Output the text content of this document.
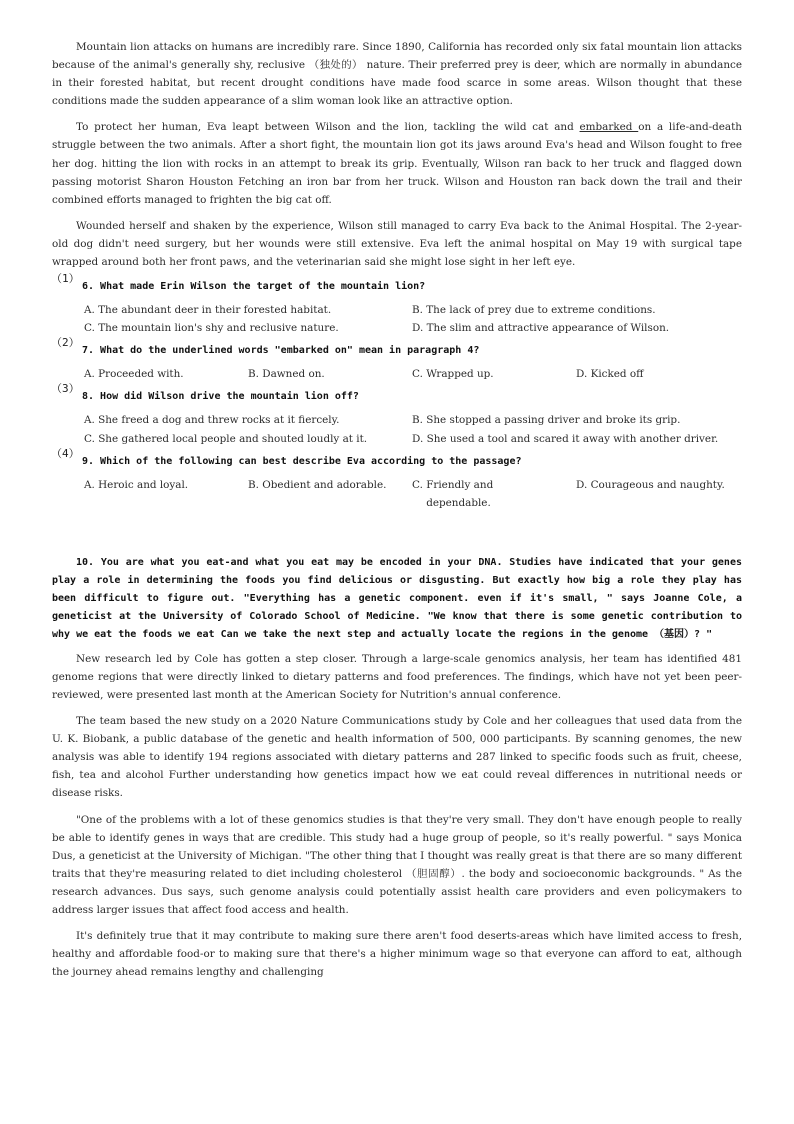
Mountain lion attacks on humans are incredibly rare. Since 1890, California has recorded only six fatal mountain lion attacks because of the animal's generally shy, reclusive （独处的） nature. Their preferred prey is deer, which are normally in abundance in their forested habitat, but recent drought conditions have made food scarce in some areas. Wilson thought that these conditions made the sudden appearance of a slim woman look like an attractive option.

To protect her human, Eva leapt between Wilson and the lion, tackling the wild cat and embarked on a life-and-death struggle between the two animals. After a short fight, the mountain lion got its jaws around Eva's head and Wilson fought to free her dog. hitting the lion with rocks in an attempt to break its grip. Eventually, Wilson ran back to her truck and flagged down passing motorist Sharon Houston Fetching an iron bar from her truck. Wilson and Houston ran back down the trail and their combined efforts managed to frighten the big cat off.

Wounded herself and shaken by the experience, Wilson still managed to carry Eva back to the Animal Hospital. The 2-year-old dog didn't need surgery, but her wounds were still extensive. Eva left the animal hospital on May 19 with surgical tape wrapped around both her front paws, and the veterinarian said she might lose sight in her left eye.

（1）
6. What made Erin Wilson the target of the mountain lion?
A. The abundant deer in their forested habitat.	B. The lack of prey due to extreme conditions.
C. The mountain lion's shy and reclusive nature.	D. The slim and attractive appearance of Wilson.
（2）
7. What do the underlined words "embarked on" mean in paragraph 4?
A. Proceeded with.	B. Dawned on.	C. Wrapped up.	D. Kicked off
（3）
8. How did Wilson drive the mountain lion off?
A. She freed a dog and threw rocks at it fiercely.	B. She stopped a passing driver and broke its grip.
C. She gathered local people and shouted loudly at it.	D. She used a tool and scared it away with another driver.
（4）
9. Which of the following can best describe Eva according to the passage?
A. Heroic and loyal.	B. Obedient and adorable.	C. Friendly and dependable.
D. Courageous and naughty.

10. You are what you eat-and what you eat may be encoded in your DNA. Studies have indicated that your genes play a role in determining the foods you find delicious or disgusting. But exactly how big a role they play has been difficult to figure out. "Everything has a genetic component. even if it's small, " says Joanne Cole, a geneticist at the University of Colorado School of Medicine. "We know that there is some genetic contribution to why we eat the foods we eat Can we take the next step and actually locate the regions in the genome （基因）? "

New research led by Cole has gotten a step closer. Through a large-scale genomics analysis, her team has identified 481 genome regions that were directly linked to dietary patterns and food preferences. The findings, which have not yet been peer-reviewed, were presented last month at the American Society for Nutrition's annual conference.

The team based the new study on a 2020 Nature Communications study by Cole and her colleagues that used data from the U. K. Biobank, a public database of the genetic and health information of 500, 000 participants. By scanning genomes, the new analysis was able to identify 194 regions associated with dietary patterns and 287 linked to specific foods such as fruit, cheese, fish, tea and alcohol Further understanding how genetics impact how we eat could reveal differences in nutritional needs or disease risks.

"One of the problems with a lot of these genomics studies is that they're very small. They don't have enough people to really be able to identify genes in ways that are credible. This study had a huge group of people, so it's really powerful. " says Monica Dus, a geneticist at the University of Michigan. "The other thing that I thought was really great is that there are so many different traits that they're measuring related to diet including cholesterol （胆固醇）. the body and socioeconomic backgrounds. " As the research advances. Dus says, such genome analysis could potentially assist health care providers and even policymakers to address larger issues that affect food access and health.

It's definitely true that it may contribute to making sure there aren't food deserts-areas which have limited access to fresh, healthy and affordable food-or to making sure that there's a higher minimum wage so that everyone can afford to eat, although the journey ahead remains lengthy and challenging
